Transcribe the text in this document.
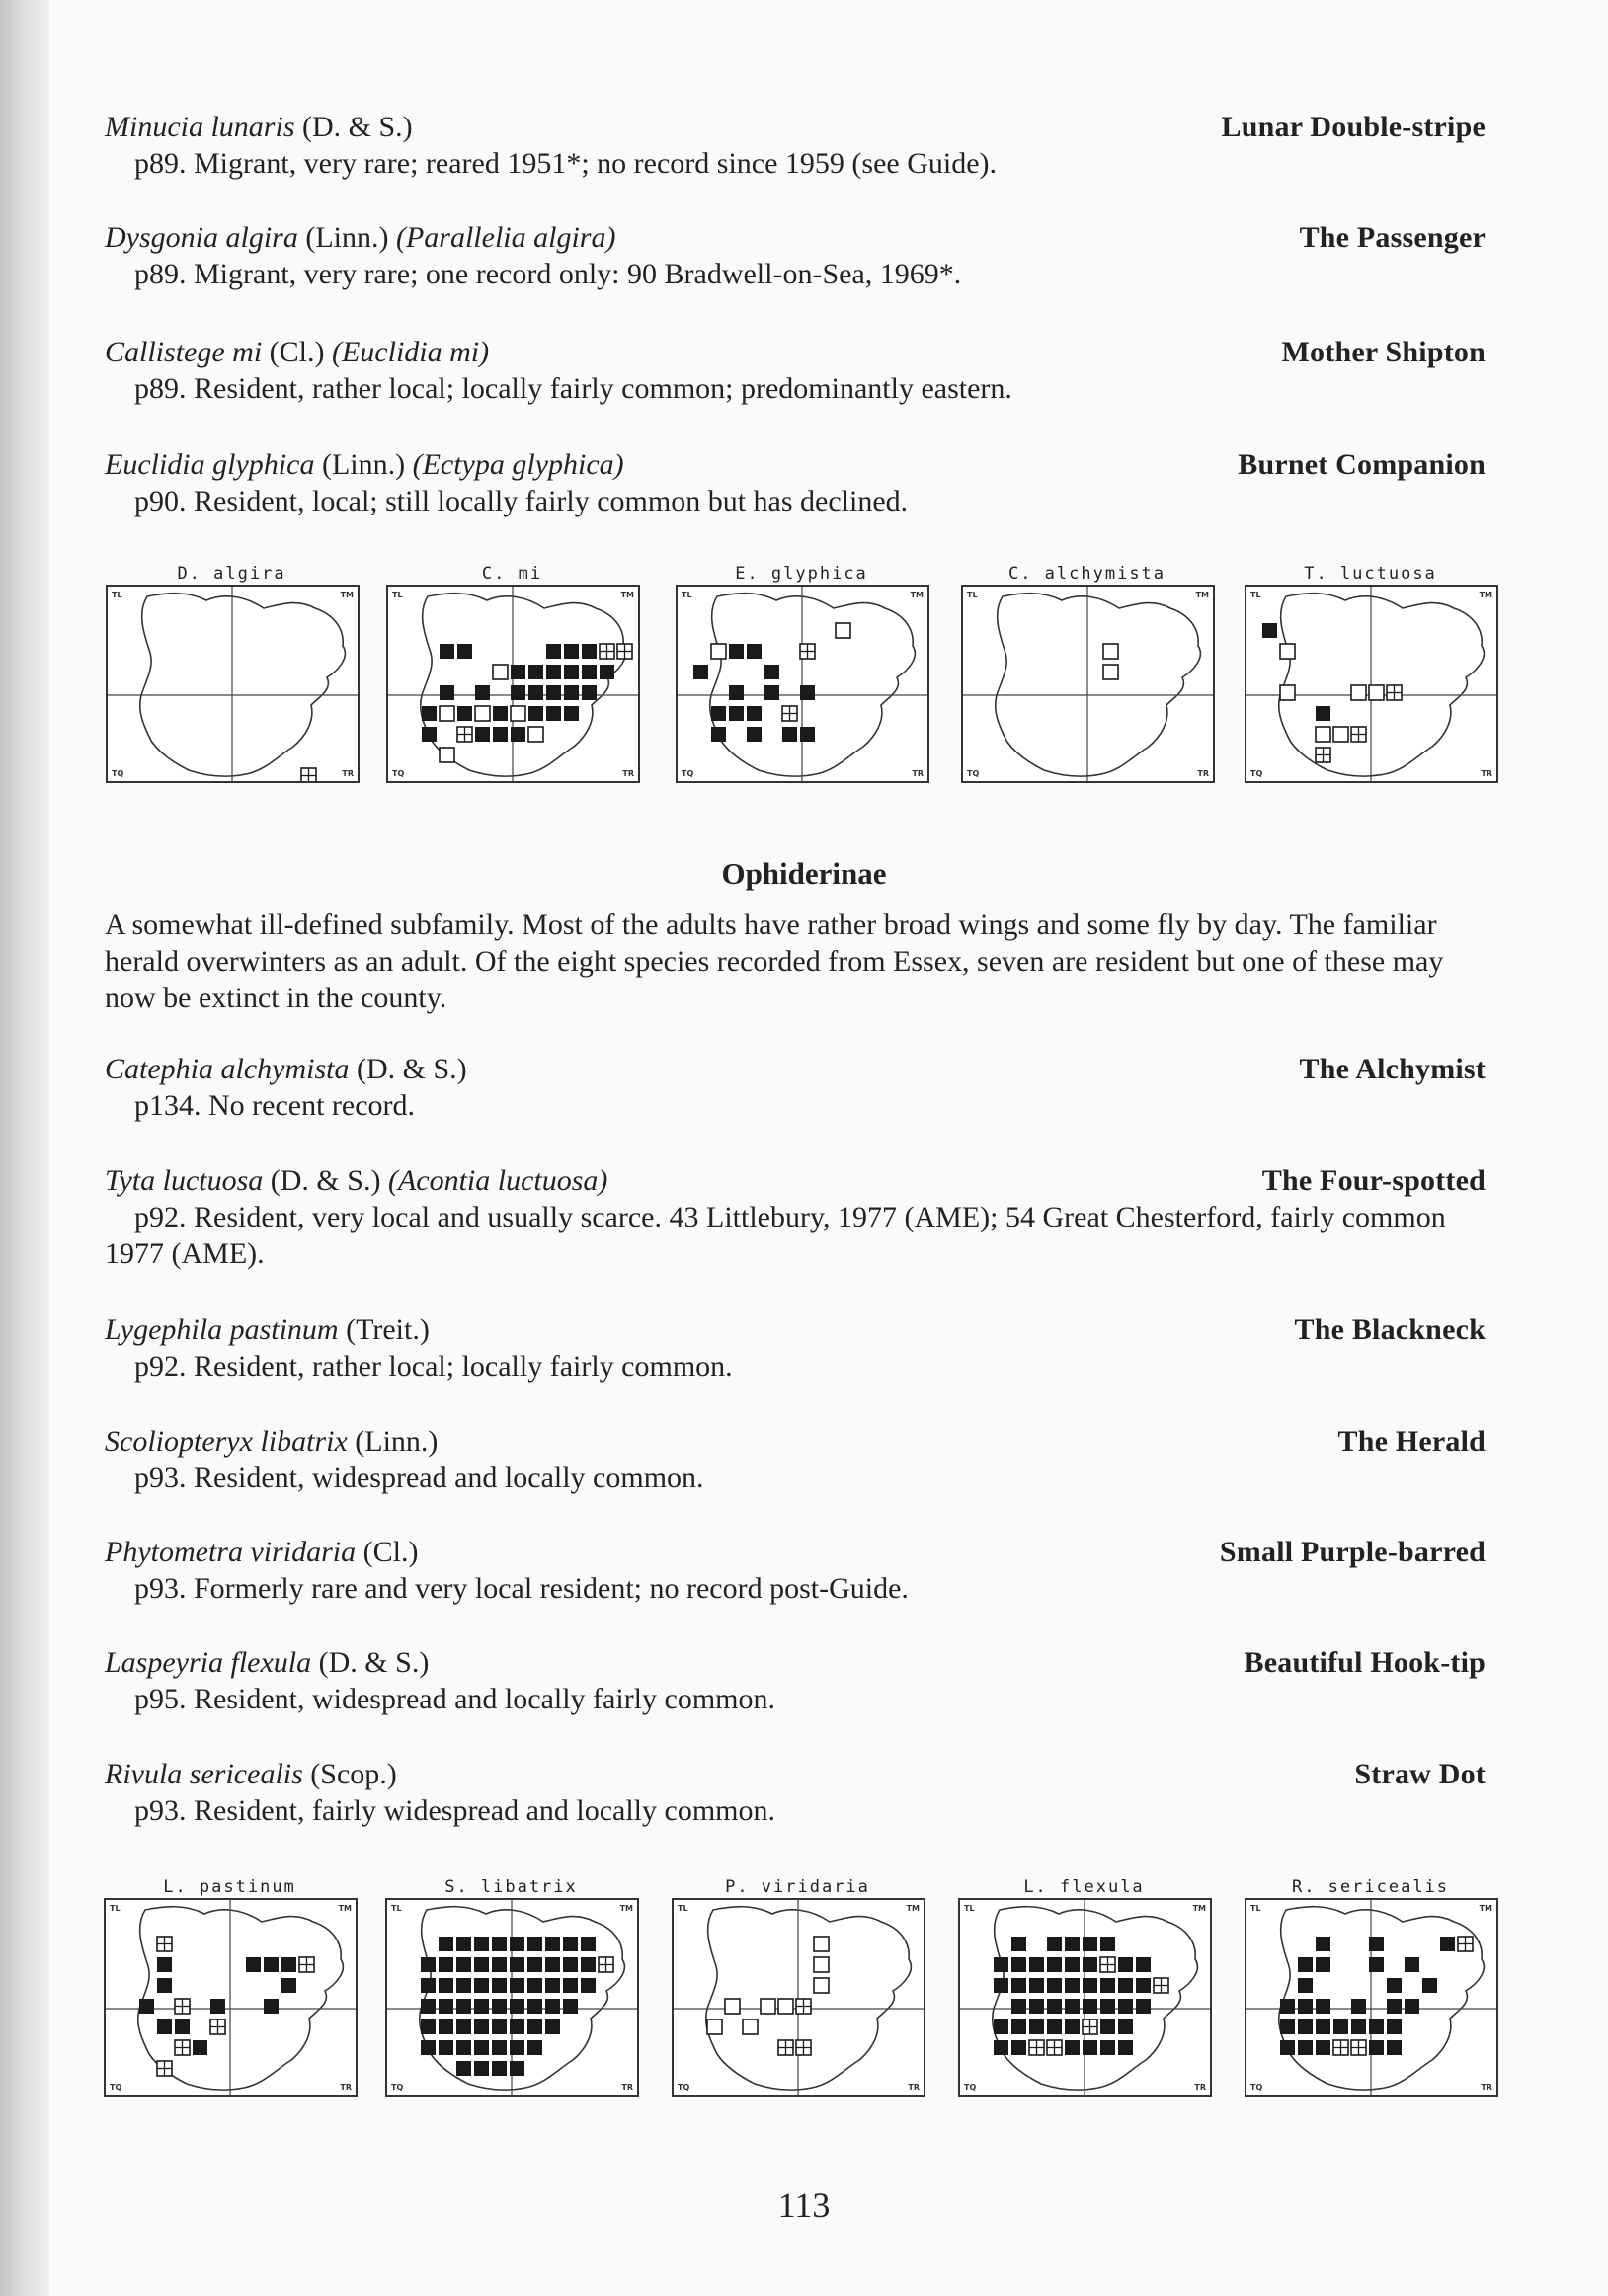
Minucia lunaris (D. & S.)	Lunar Double-stripe
p89. Migrant, very rare; reared 1951*; no record since 1959 (see Guide).
Dysgonia algira (Linn.) (Parallelia algira)	The Passenger
p89. Migrant, very rare; one record only: 90 Bradwell-on-Sea, 1969*.
Callistege mi (Cl.) (Euclidia mi)	Mother Shipton
p89. Resident, rather local; locally fairly common; predominantly eastern.
Euclidia glyphica (Linn.) (Ectypa glyphica)	Burnet Companion
p90. Resident, local; still locally fairly common but has declined.
D. algira
TL	TM
TQ	TR
C. mi
TL	TM
TQ	TR
E. glyphica
TL	TM
TQ	TR
C. alchymista
TL	TM
TQ	TR
T. luctuosa
TL	TM
TQ	TR
Ophiderinae
A somewhat ill-defined subfamily. Most of the adults have rather broad wings and some fly by day. The familiar herald overwinters as an adult. Of the eight species recorded from Essex, seven are resident but one of these may now be extinct in the county.
Catephia alchymista (D. & S.)	The Alchymist
p134. No recent record.
Tyta luctuosa (D. & S.) (Acontia luctuosa)	The Four-spotted
p92. Resident, very local and usually scarce. 43 Littlebury, 1977 (AME); 54 Great Chesterford, fairly common 1977 (AME).
Lygephila pastinum (Treit.)	The Blackneck
p92. Resident, rather local; locally fairly common.
Scoliopteryx libatrix (Linn.)	The Herald
p93. Resident, widespread and locally common.
Phytometra viridaria (Cl.)	Small Purple-barred
p93. Formerly rare and very local resident; no record post-Guide.
Laspeyria flexula (D. & S.)	Beautiful Hook-tip
p95. Resident, widespread and locally fairly common.
Rivula sericealis (Scop.)	Straw Dot
p93. Resident, fairly widespread and locally common.
L. pastinum
TL	TM
TQ	TR
S. libatrix
TL	TM
TQ	TR
P. viridaria
TL	TM
TQ	TR
L. flexula
TL	TM
TQ	TR
R. sericealis
TL	TM
TQ	TR
113
